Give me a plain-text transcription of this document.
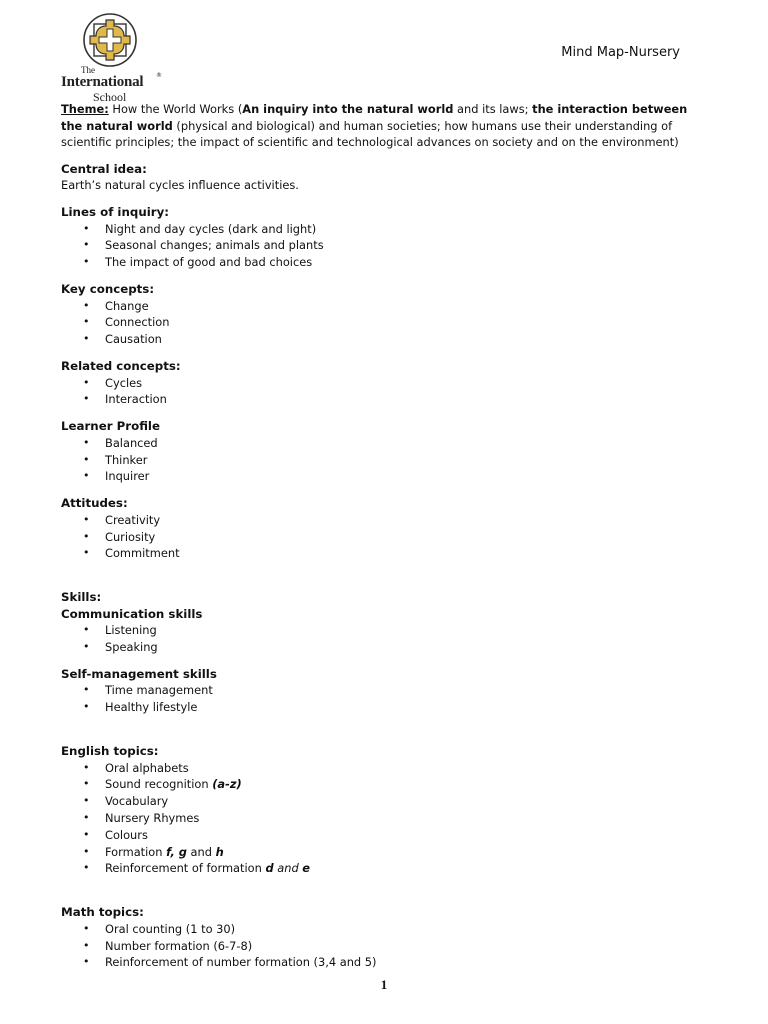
The
International ®
School
Mind Map-Nursery
Theme: How the World Works (An inquiry into the natural world and its laws; the interaction between the natural world (physical and biological) and human societies; how humans use their understanding of scientific principles; the impact of scientific and technological advances on society and on the environment)
Central idea:
Earth’s natural cycles influence activities.
Lines of inquiry:
• Night and day cycles (dark and light)
• Seasonal changes; animals and plants
• The impact of good and bad choices
Key concepts:
• Change
• Connection
• Causation
Related concepts:
• Cycles
• Interaction
Learner Profile
• Balanced
• Thinker
• Inquirer
Attitudes:
• Creativity
• Curiosity
• Commitment
Skills:
Communication skills
• Listening
• Speaking
Self-management skills
• Time management
• Healthy lifestyle
English topics:
• Oral alphabets
• Sound recognition (a-z)
• Vocabulary
• Nursery Rhymes
• Colours
• Formation f, g and h
• Reinforcement of formation d and e
Math topics:
• Oral counting (1 to 30)
• Number formation (6-7-8)
• Reinforcement of number formation (3,4 and 5)
1
